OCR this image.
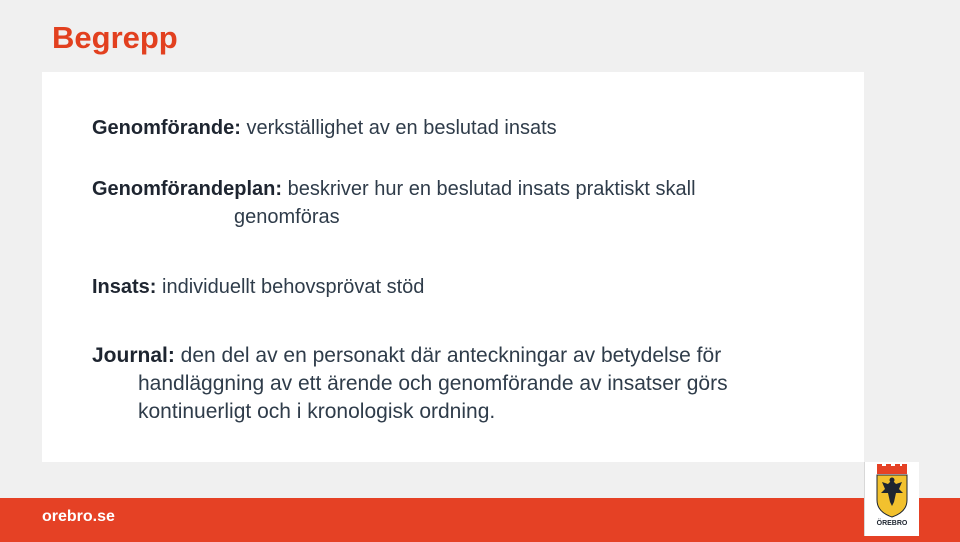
Begrepp
Genomförande: verkställighet av en beslutad insats
Genomförandeplan: beskriver hur en beslutad insats praktiskt skall
genomföras
Insats: individuellt behovsprövat stöd
Journal: den del av en personakt där anteckningar av betydelse för
handläggning av ett ärende och genomförande av insatser görs
kontinuerligt och i kronologisk ordning.
orebro.se	ÖREBRO
